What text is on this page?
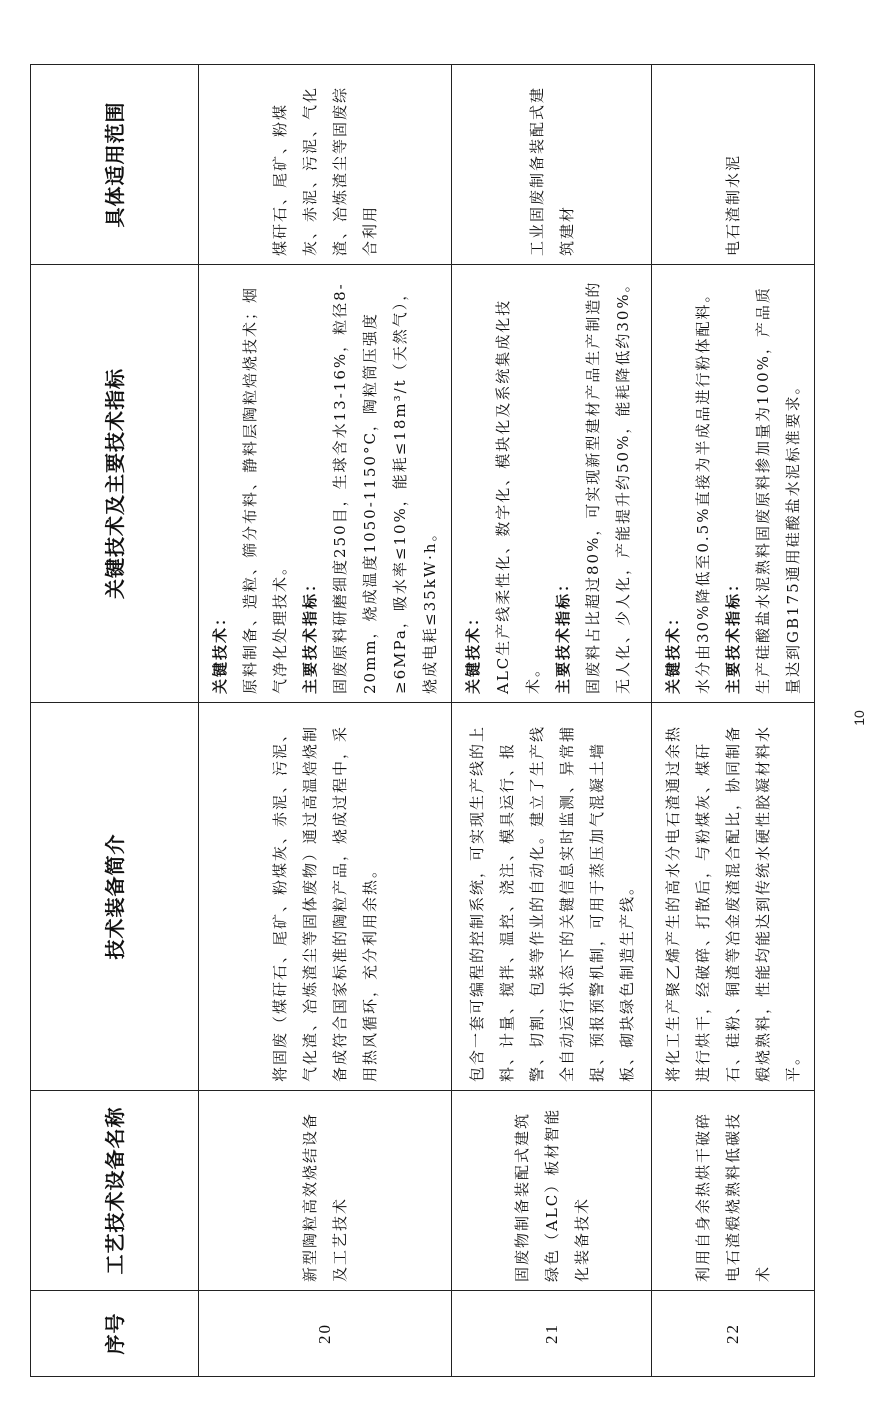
序号	工艺技术设备名称	技术装备简介	关键技术及主要技术指标	具体适用范围
20	新型陶粒高效烧结设备及工艺技术	将固废（煤矸石、尾矿、粉煤灰、赤泥、污泥、气化渣、冶炼渣尘等固体废物）通过高温焙烧制备成符合国家标准的陶粒产品，烧成过程中，采用热风循环，充分利用余热。	关键技术： 原料制备、造粒、筛分布料、静料层陶粒焙烧技术；烟气净化处理技术。 主要技术指标： 固废原料研磨细度250目，生球含水13-16%，粒径8-20mm，烧成温度1050-1150°C，陶粒筒压强度≥6MPa，吸水率≤10%，能耗≤18m³/t（天然气），烧成电耗≤35kW·h。	煤矸石、尾矿、粉煤灰、赤泥、污泥、气化渣、冶炼渣尘等固废综合利用
21	固废物制备装配式建筑绿色（ALC）板材智能化装备技术	包含一套可编程的控制系统，可实现生产线的上料、计量、搅拌、温控、浇注、模具运行、报警、切割、包装等作业的自动化。建立了生产线全自动运行状态下的关键信息实时监测、异常捕捉、预报预警机制，可用于蒸压加气混凝土墙板、砌块绿色制造生产线。	关键技术： ALC生产线柔性化、数字化、模块化及系统集成化技术。 主要技术指标： 固废料占比超过80%，可实现新型建材产品生产制造的无人化、少人化，产能提升约50%，能耗降低约30%。	工业固废制备装配式建筑建材
22	利用自身余热烘干破碎电石渣煅烧熟料低碳技术	将化工生产聚乙烯产生的高水分电石渣通过余热进行烘干，经破碎、打散后，与粉煤灰、煤矸石、硅粉、铜渣等冶金废渣混合配比，协同制备煅烧熟料，性能均能达到传统水硬性胶凝材料水平。	关键技术： 水分由30%降低至0.5%直接为半成品进行粉体配料。 主要技术指标： 生产硅酸盐水泥熟料固废原料掺加量为100%，产品质量达到GB175通用硅酸盐水泥标准要求。	电石渣制水泥
10
